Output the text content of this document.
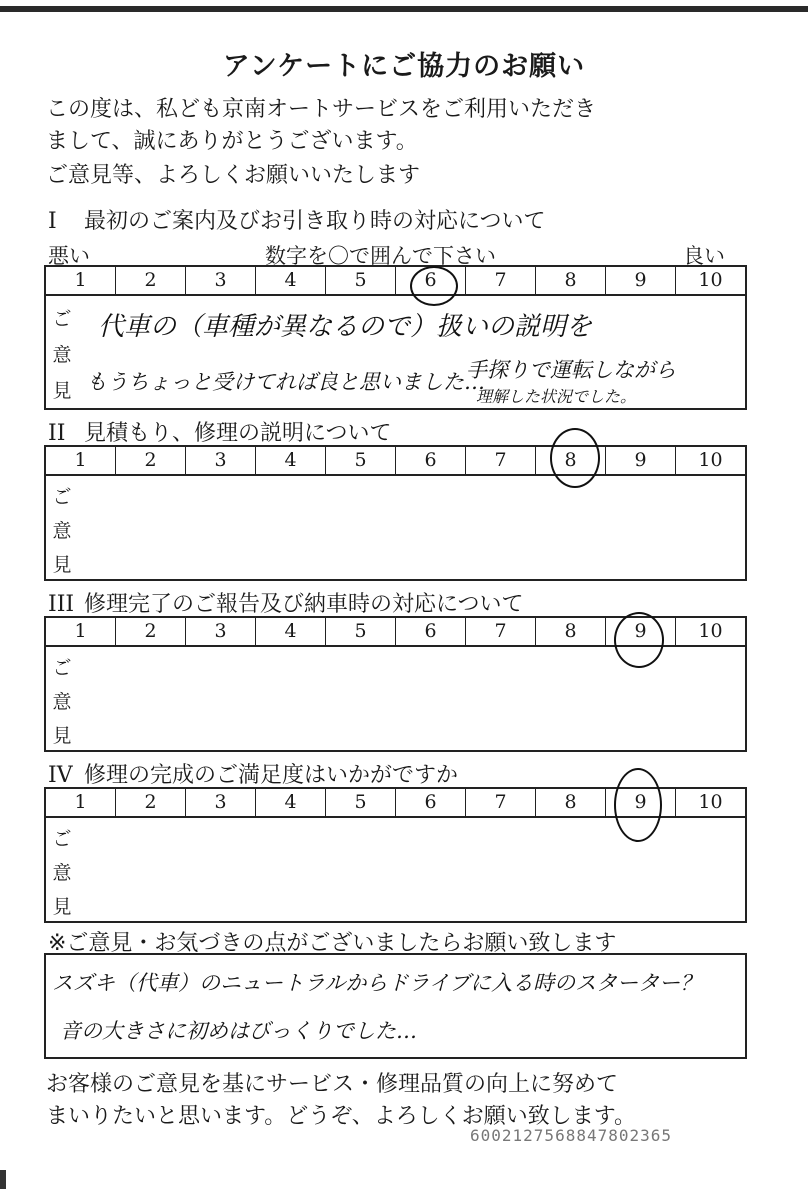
アンケートにご協力のお願い
この度は、私ども京南オートサービスをご利用いただき
まして、誠にありがとうございます。
ご意見等、よろしくお願いいたします
I 最初のご案内及びお引き取り時の対応について
悪い	数字を〇で囲んで下さい	良い
1	2	3	4	5	6	7	8	9	10
ご
意
見
代車の（車種が異なるので）扱いの説明を
もうちょっと受けてれば良と思いました…
手探りで運転しながら
理解した状況でした。
II 見積もり、修理の説明について
1	2	3	4	5	6	7	8	9	10
ご
意
見
III 修理完了のご報告及び納車時の対応について
1	2	3	4	5	6	7	8	9	10
ご
意
見
IV 修理の完成のご満足度はいかがですか
1	2	3	4	5	6	7	8	9	10
ご
意
見
※ご意見・お気づきの点がございましたらお願い致します
スズキ（代車）のニュートラルからドライブに入る時のスターター？
音の大きさに初めはびっくりでした…
お客様のご意見を基にサービス・修理品質の向上に努めて
まいりたいと思います。どうぞ、よろしくお願い致します。
6002127568847802365
